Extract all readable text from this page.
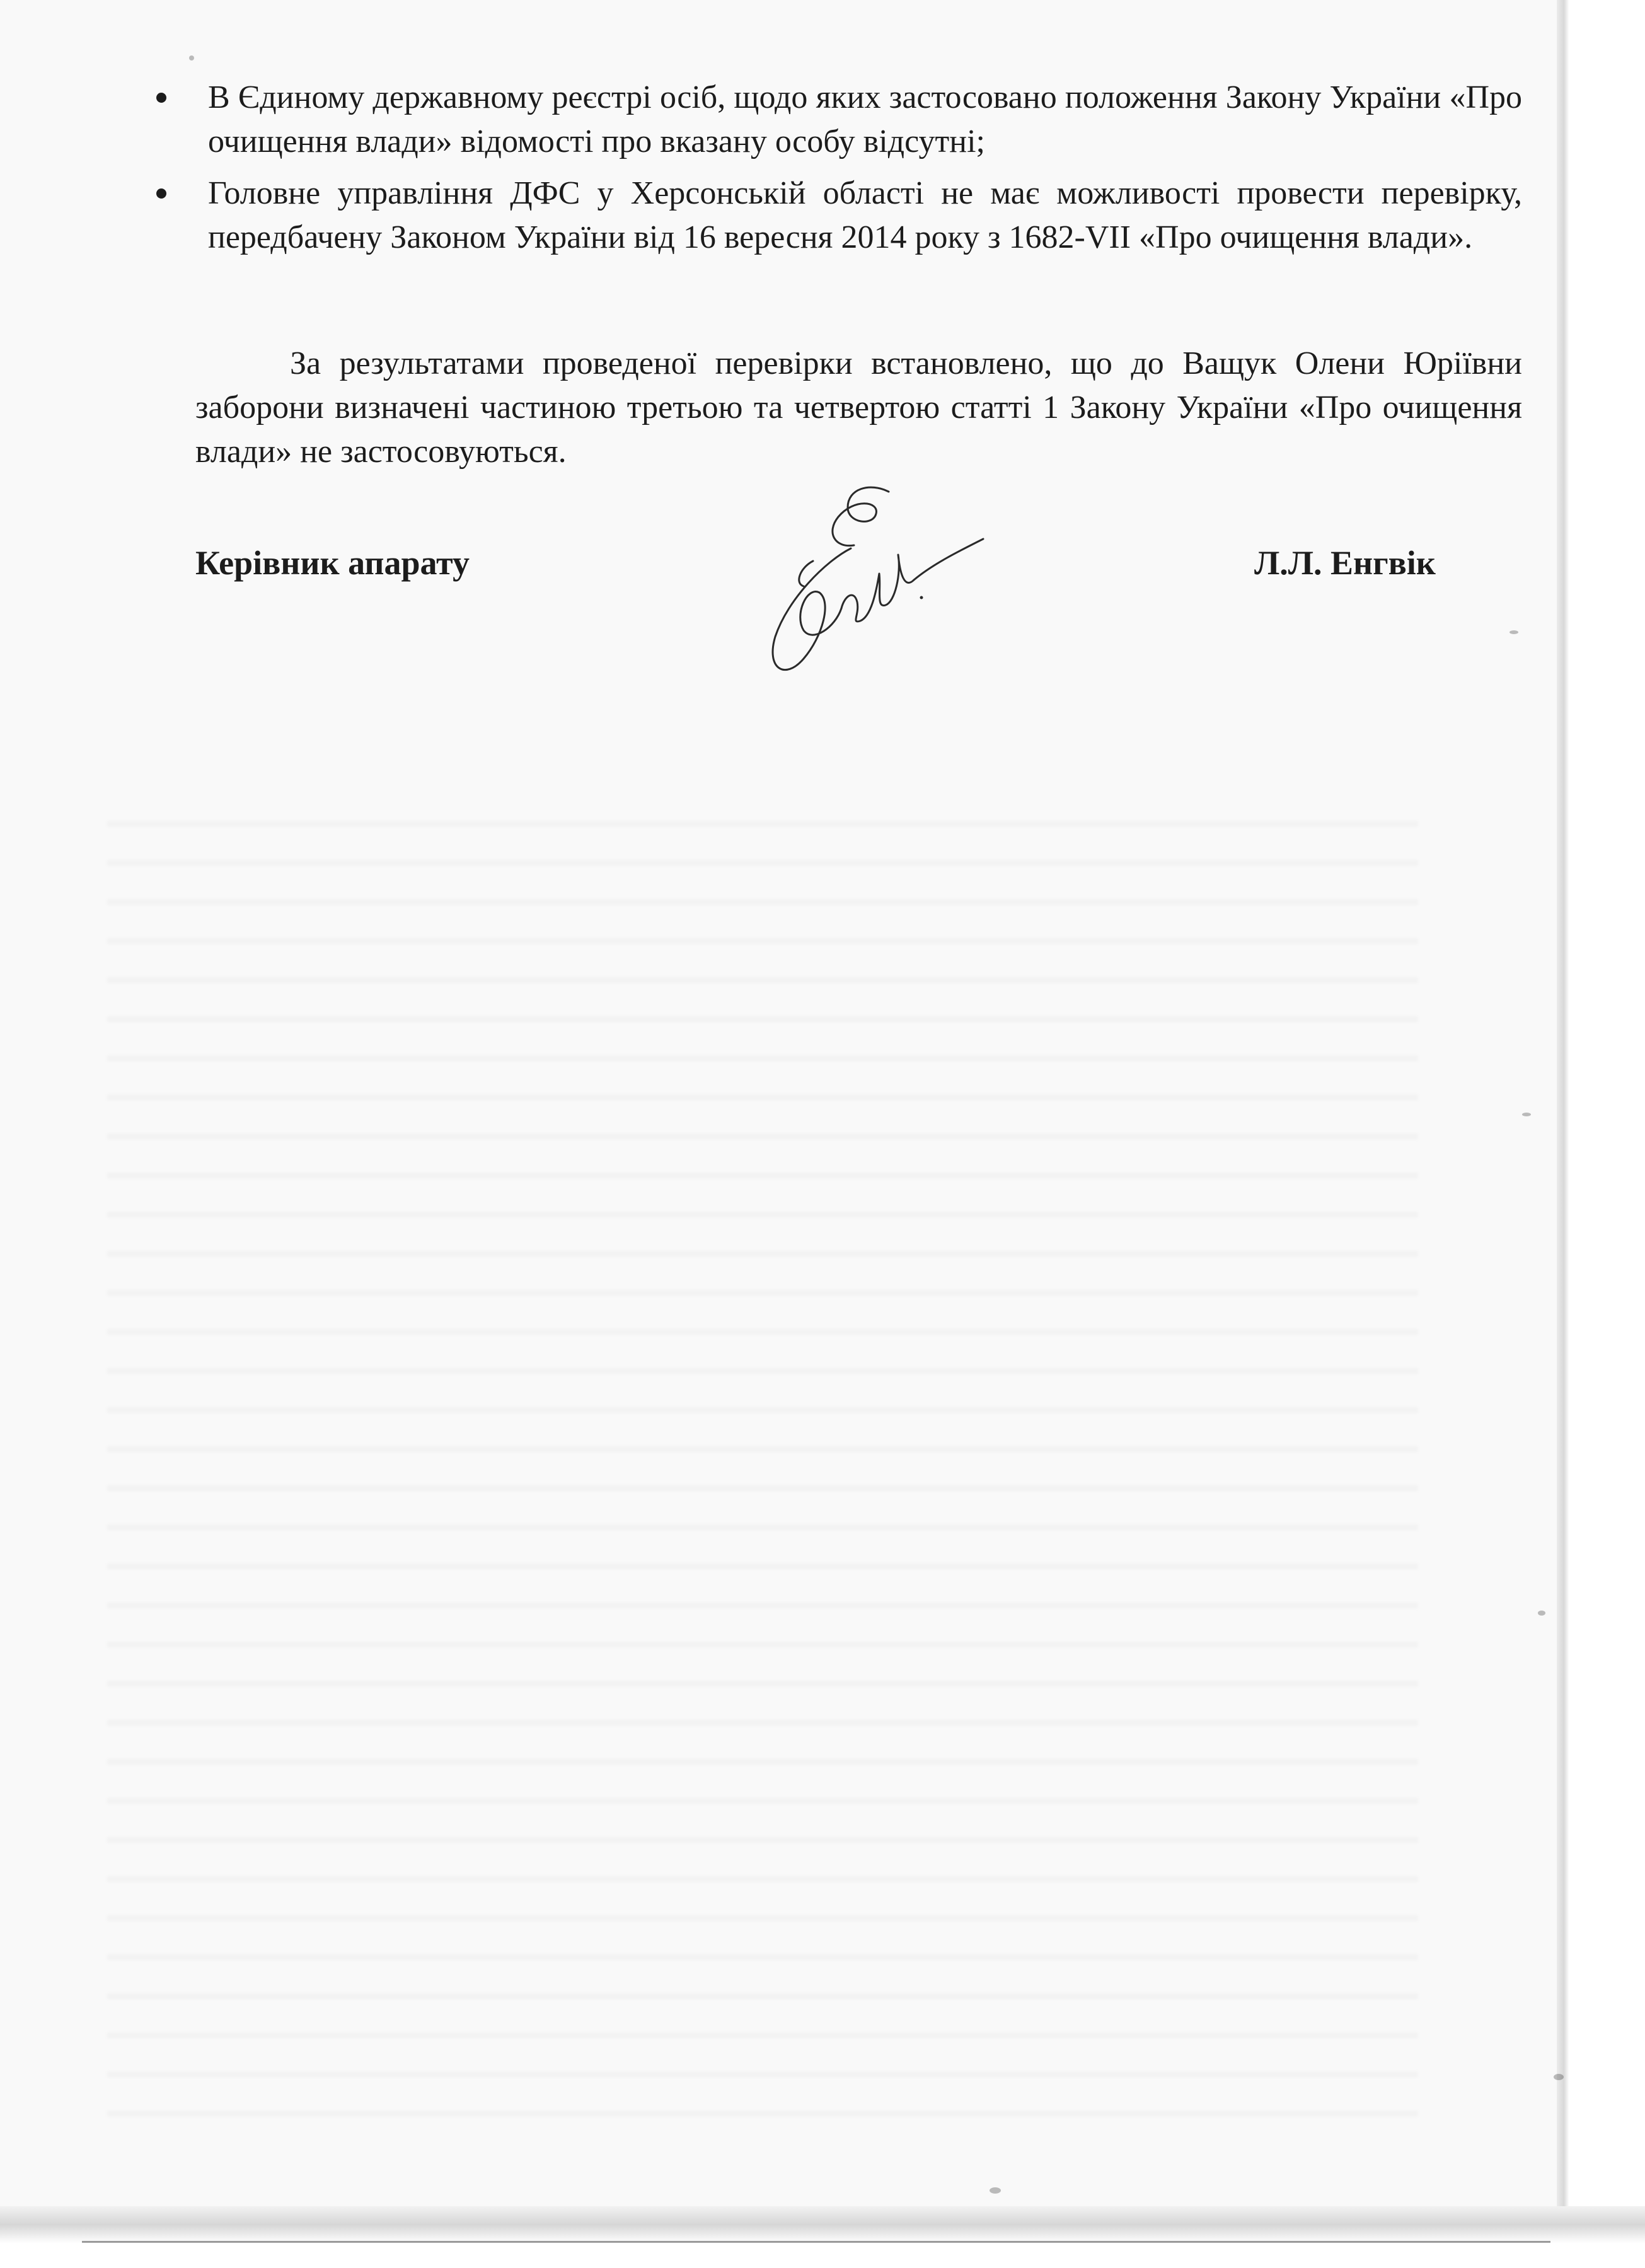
В Єдиному державному реєстрі осіб, щодо яких застосовано положення Закону України «Про очищення влади» відомості про вказану особу відсутні;
Головне управління ДФС у Херсонській області не має можливості провести перевірку, передбачену Законом України від 16 вересня 2014 року з 1682-VII «Про очищення влади».

За результатами проведеної перевірки встановлено, що до Ващук Олени Юріївни заборони визначені частиною третьою та четвертою статті 1 Закону України «Про очищення влади» не застосовуються.

Керівник апарату	Л.Л. Енгвік
